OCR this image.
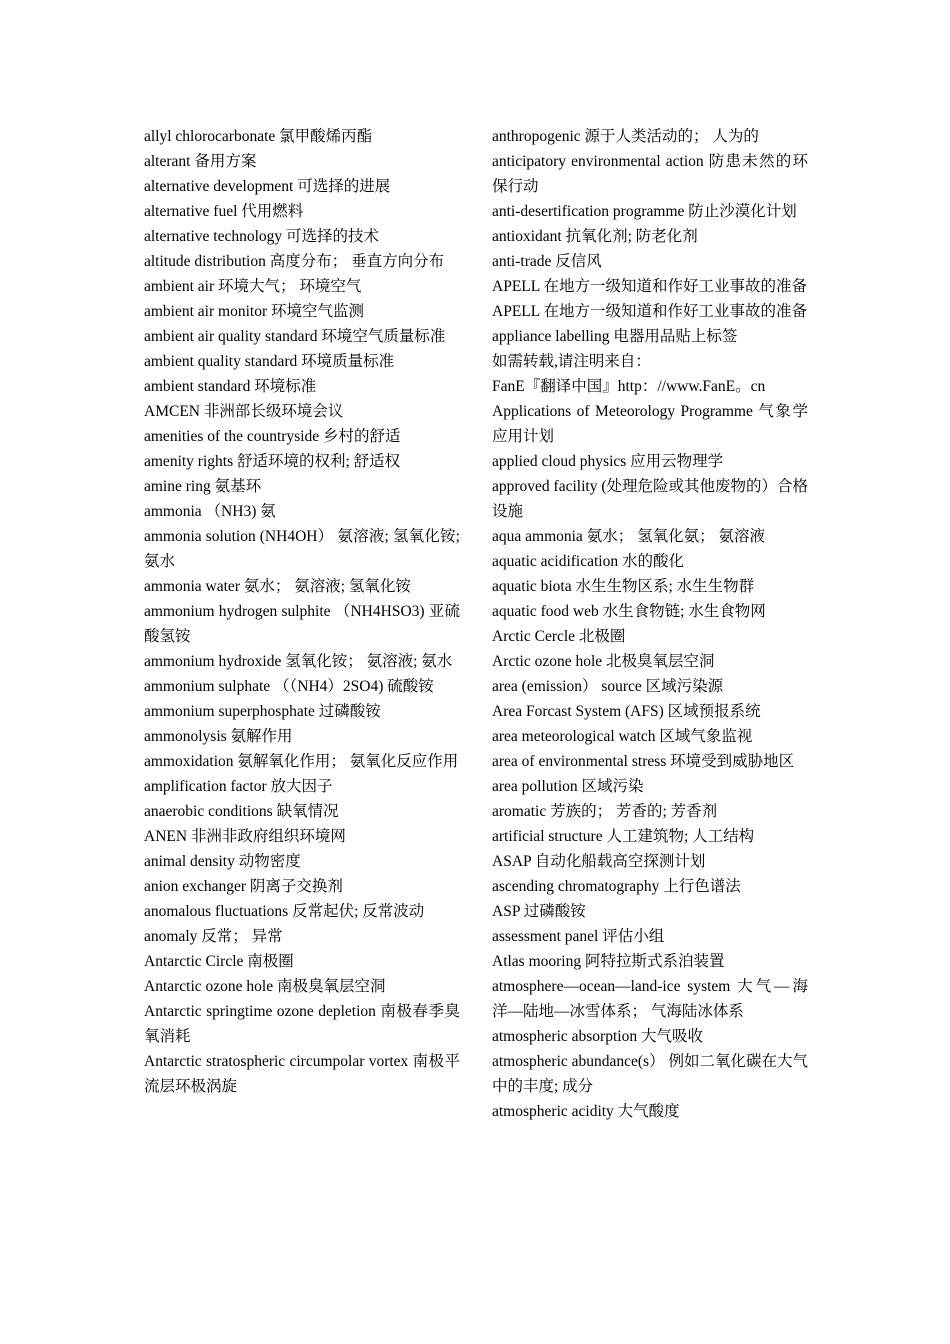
allyl chlorocarbonate 氯甲酸烯丙酯
alterant 备用方案
alternative development 可选择的进展
alternative fuel 代用燃料
alternative technology 可选择的技术
altitude distribution 高度分布； 垂直方向分布
ambient air 环境大气； 环境空气
ambient air monitor 环境空气监测
ambient air quality standard 环境空气质量标准
ambient quality standard 环境质量标准
ambient standard 环境标准
AMCEN 非洲部长级环境会议
amenities of the countryside 乡村的舒适
amenity rights 舒适环境的权利; 舒适权
amine ring 氨基环
ammonia （NH3) 氨
ammonia solution (NH4OH） 氨溶液; 氢氧化铵; 氨水
ammonia water 氨水； 氨溶液; 氢氧化铵
ammonium hydrogen sulphite （NH4HSO3) 亚硫酸氢铵
ammonium hydroxide 氢氧化铵； 氨溶液; 氨水
ammonium sulphate （（NH4）2SO4) 硫酸铵
ammonium superphosphate 过磷酸铵
ammonolysis 氨解作用
ammoxidation 氨解氧化作用； 氨氧化反应作用
amplification factor 放大因子
anaerobic conditions 缺氧情况
ANEN 非洲非政府组织环境网
animal density 动物密度
anion exchanger 阴离子交换剂
anomalous fluctuations 反常起伏; 反常波动
anomaly 反常； 异常
Antarctic Circle 南极圈
Antarctic ozone hole 南极臭氧层空洞
Antarctic springtime ozone depletion 南极春季臭氧消耗
Antarctic stratospheric circumpolar vortex 南极平流层环极涡旋
anthropogenic 源于人类活动的； 人为的
anticipatory environmental action 防患未然的环保行动
anti-desertification programme 防止沙漠化计划
antioxidant 抗氧化剂; 防老化剂
anti-trade 反信风
APELL 在地方一级知道和作好工业事故的准备
APELL 在地方一级知道和作好工业事故的准备
appliance labelling 电器用品贴上标签
如需转载,请注明来自：
FanE『翻译中国』http：//www.FanE。cn
Applications of Meteorology Programme 气象学应用计划
applied cloud physics 应用云物理学
approved facility (处理危险或其他废物的）合格设施
aqua ammonia 氨水； 氢氧化氨； 氨溶液
aquatic acidification 水的酸化
aquatic biota 水生生物区系; 水生生物群
aquatic food web 水生食物链; 水生食物网
Arctic Cercle 北极圈
Arctic ozone hole 北极臭氧层空洞
area (emission） source 区域污染源
Area Forcast System (AFS) 区域预报系统
area meteorological watch 区域气象监视
area of environmental stress 环境受到威胁地区
area pollution 区域污染
aromatic 芳族的； 芳香的; 芳香剂
artificial structure 人工建筑物; 人工结构
ASAP 自动化船载高空探测计划
ascending chromatography 上行色谱法
ASP 过磷酸铵
assessment panel 评估小组
Atlas mooring 阿特拉斯式系泊装置
atmosphere—ocean—land-ice system 大气—海洋—陆地—冰雪体系； 气海陆冰体系
atmospheric absorption 大气吸收
atmospheric abundance(s） 例如二氧化碳在大气中的丰度; 成分
atmospheric acidity 大气酸度
